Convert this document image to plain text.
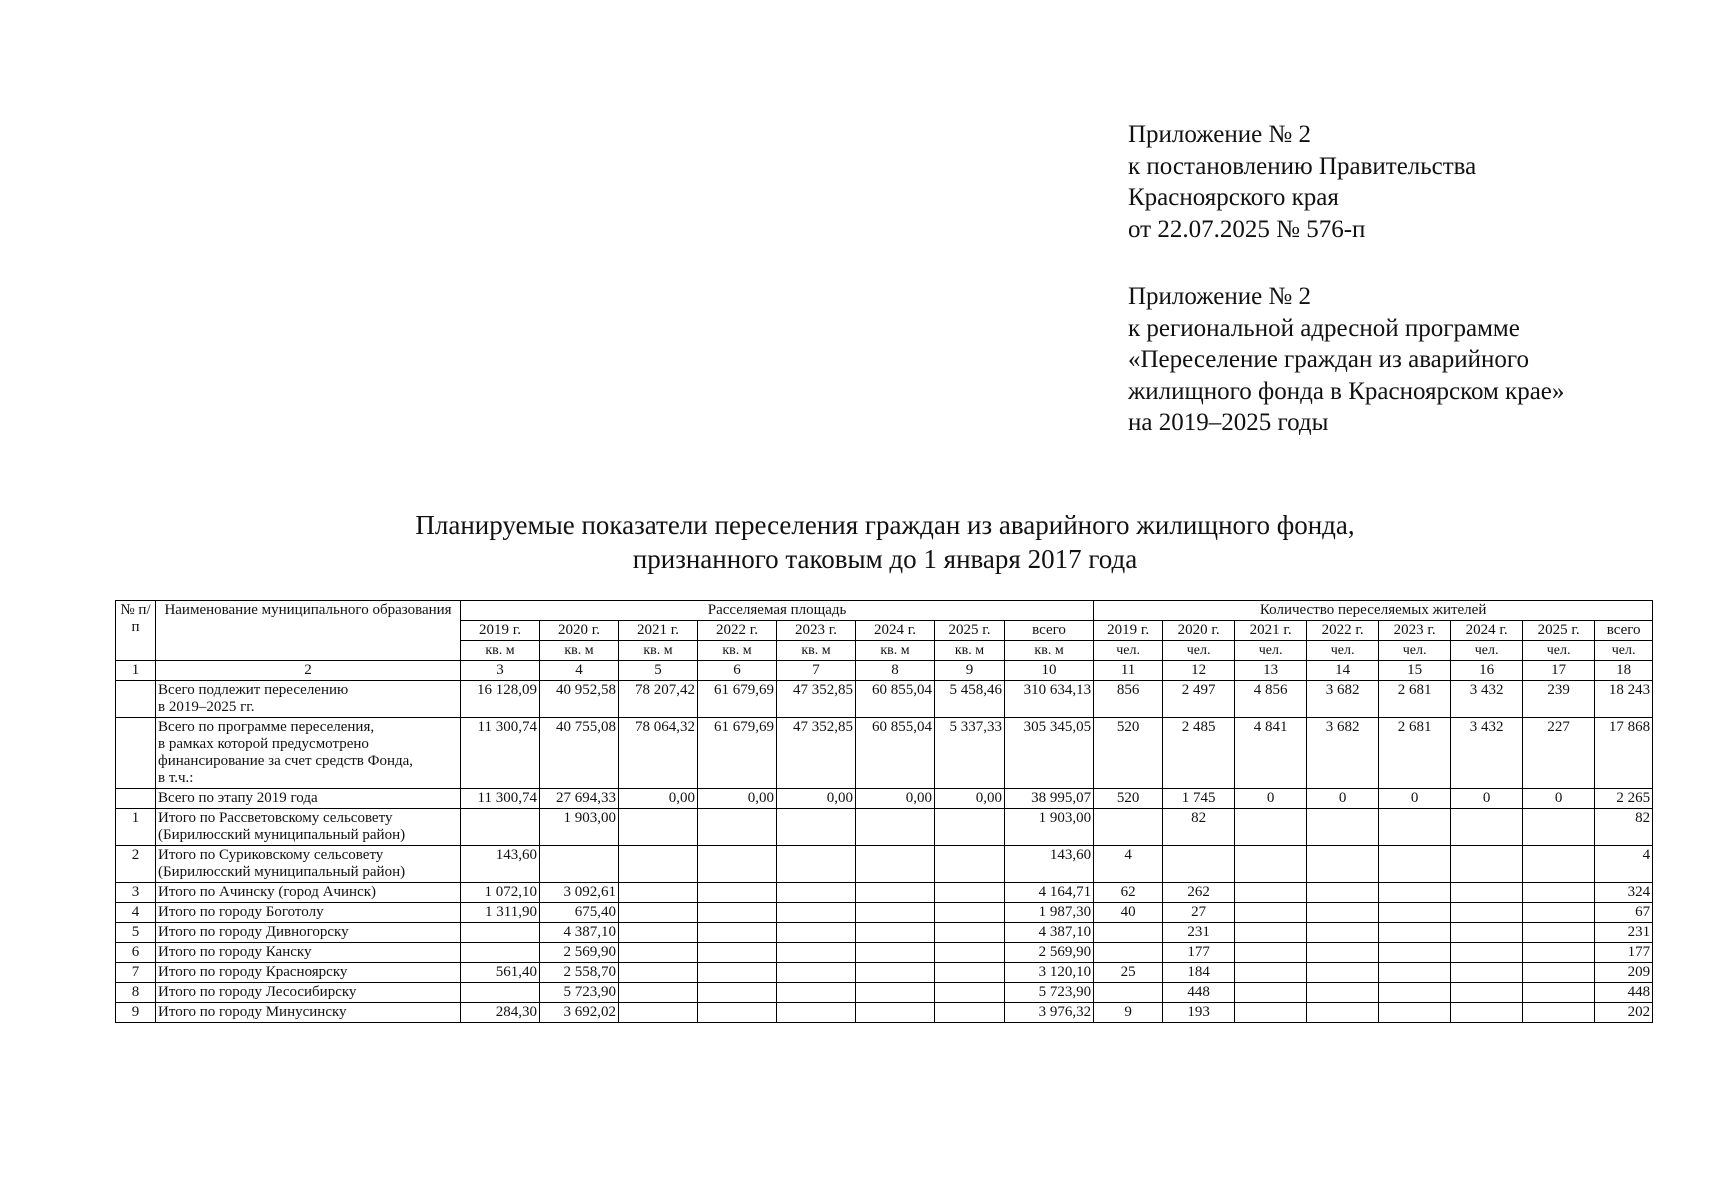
Приложение № 2
к постановлению Правительства
Красноярского края
от 22.07.2025 № 576-п
Приложение № 2
к региональной адресной программе
«Переселение граждан из аварийного
жилищного фонда в Красноярском крае»
на 2019–2025 годы
Планируемые показатели переселения граждан из аварийного жилищного фонда,
признанного таковым до 1 января 2017 года
№ п/п	Наименование муниципального образования	Расселяемая площадь								Количество переселяемых жителей							
		2019 г.	2020 г.	2021 г.	2022 г.	2023 г.	2024 г.	2025 г.	всего	2019 г.	2020 г.	2021 г.	2022 г.	2023 г.	2024 г.	2025 г.	всего
		кв. м	кв. м	кв. м	кв. м	кв. м	кв. м	кв. м	кв. м	чел.	чел.	чел.	чел.	чел.	чел.	чел.	чел.
1	2	3	4	5	6	7	8	9	10	11	12	13	14	15	16	17	18

	Всего подлежит переселению
в 2019–2025 гг.	16 128,09	40 952,58	78 207,42	61 679,69	47 352,85	60 855,04	5 458,46	310 634,13	856	2 497	4 856	3 682	2 681	3 432	239	18 243

	Всего по программе переселения,
в рамках которой предусмотрено
финансирование за счет средств Фонда,
в т.ч.:	11 300,74	40 755,08	78 064,32	61 679,69	47 352,85	60 855,04	5 337,33	305 345,05	520	2 485	4 841	3 682	2 681	3 432	227	17 868

	Всего по этапу 2019 года	11 300,74	27 694,33	0,00	0,00	0,00	0,00	0,00	38 995,07	520	1 745	0	0	0	0	0	2 265
1	Итого по Рассветовскому сельсовету
(Бирилюсский муниципальный район)		1 903,00						1 903,00		82						82
2	Итого по Суриковскому сельсовету
(Бирилюсский муниципальный район)	143,60							143,60	4							4
3	Итого по Ачинску (город Ачинск)	1 072,10	3 092,61						4 164,71	62	262						324
4	Итого по городу Боготолу	1 311,90	675,40						1 987,30	40	27						67
5	Итого по городу Дивногорску		4 387,10						4 387,10		231						231
6	Итого по городу Канску		2 569,90						2 569,90		177						177
7	Итого по городу Красноярску	561,40	2 558,70						3 120,10	25	184						209
8	Итого по городу Лесосибирску		5 723,90						5 723,90		448						448
9	Итого по городу Минусинску	284,30	3 692,02						3 976,32	9	193						202
